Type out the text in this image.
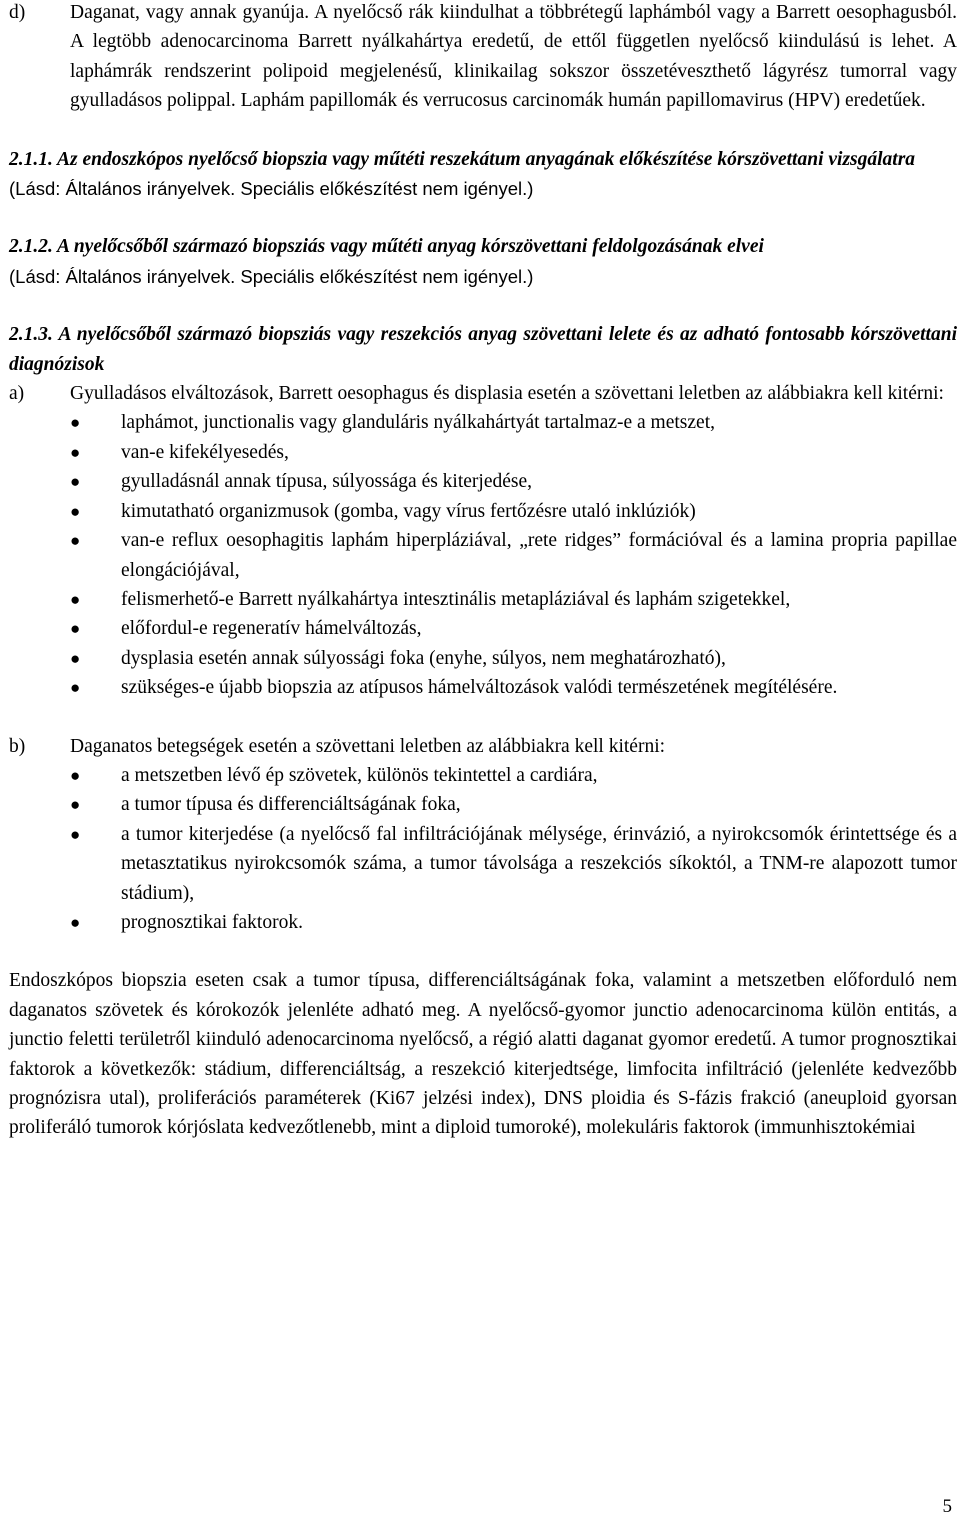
d)	Daganat, vagy annak gyanúja. A nyelőcső rák kiindulhat a többrétegű laphámból vagy a Barrett oesophagusból. A legtöbb adenocarcinoma Barrett nyálkahártya eredetű, de ettől független nyelőcső kiindulású is lehet. A laphámrák rendszerint polipoid megjelenésű, klinikailag sokszor összetéveszthető lágyrész tumorral vagy gyulladásos polippal. Laphám papillomák és verrucosus carcinomák humán papillomavirus (HPV) eredetűek.

2.1.1. Az endoszkópos nyelőcső biopszia vagy műtéti reszekátum anyagának előkészítése kórszövettani vizsgálatra

(Lásd: Általános irányelvek. Speciális előkészítést nem igényel.)

2.1.2. A nyelőcsőből származó biopsziás vagy műtéti anyag kórszövettani feldolgozásának elvei

(Lásd: Általános irányelvek. Speciális előkészítést nem igényel.)

2.1.3. A nyelőcsőből származó biopsziás vagy reszekciós anyag szövettani lelete és az adható fontosabb kórszövettani diagnózisok

a)	Gyulladásos elváltozások, Barrett oesophagus és displasia esetén a szövettani leletben az alábbiakra kell kitérni:
●	laphámot, junctionalis vagy glanduláris nyálkahártyát tartalmaz-e a metszet,
●	van-e kifekélyesedés,
●	gyulladásnál annak típusa, súlyossága és kiterjedése,
●	kimutatható organizmusok (gomba, vagy vírus fertőzésre utaló inklúziók)
●	van-e reflux oesophagitis laphám hiperpláziával, „rete ridges” formációval és a lamina propria papillae elongációjával,
●	felismerhető-e Barrett nyálkahártya intesztinális metapláziával és laphám szigetekkel,
●	előfordul-e regeneratív hámelváltozás,
●	dysplasia esetén annak súlyossági foka (enyhe, súlyos, nem meghatározható),
●	szükséges-e újabb biopszia az atípusos hámelváltozások valódi természetének megítélésére.
b)	Daganatos betegségek esetén a szövettani leletben az alábbiakra kell kitérni:
●	a metszetben lévő ép szövetek, különös tekintettel a cardiára,
●	a tumor típusa és differenciáltságának foka,
●	a tumor kiterjedése (a nyelőcső fal infiltrációjának mélysége, érinvázió, a nyirokcsomók érintettsége és a metasztatikus nyirokcsomók száma, a tumor távolsága a reszekciós síkoktól, a TNM-re alapozott tumor stádium),
●	prognosztikai faktorok.

Endoszkópos biopszia eseten csak a tumor típusa, differenciáltságának foka, valamint a metszetben előforduló nem daganatos szövetek és kórokozók jelenléte adható meg. A nyelőcső-gyomor junctio adenocarcinoma külön entitás, a junctio feletti területről kiinduló adenocarcinoma nyelőcső, a régió alatti daganat gyomor eredetű. A tumor prognosztikai faktorok a következők: stádium, differenciáltság, a reszekció kiterjedtsége, limfocita infiltráció (jelenléte kedvezőbb prognózisra utal), proliferációs paraméterek (Ki67 jelzési index), DNS ploidia és S-fázis frakció (aneuploid gyorsan proliferáló tumorok kórjóslata kedvezőtlenebb, mint a diploid tumoroké), molekuláris faktorok (immunhisztokémiai

5
